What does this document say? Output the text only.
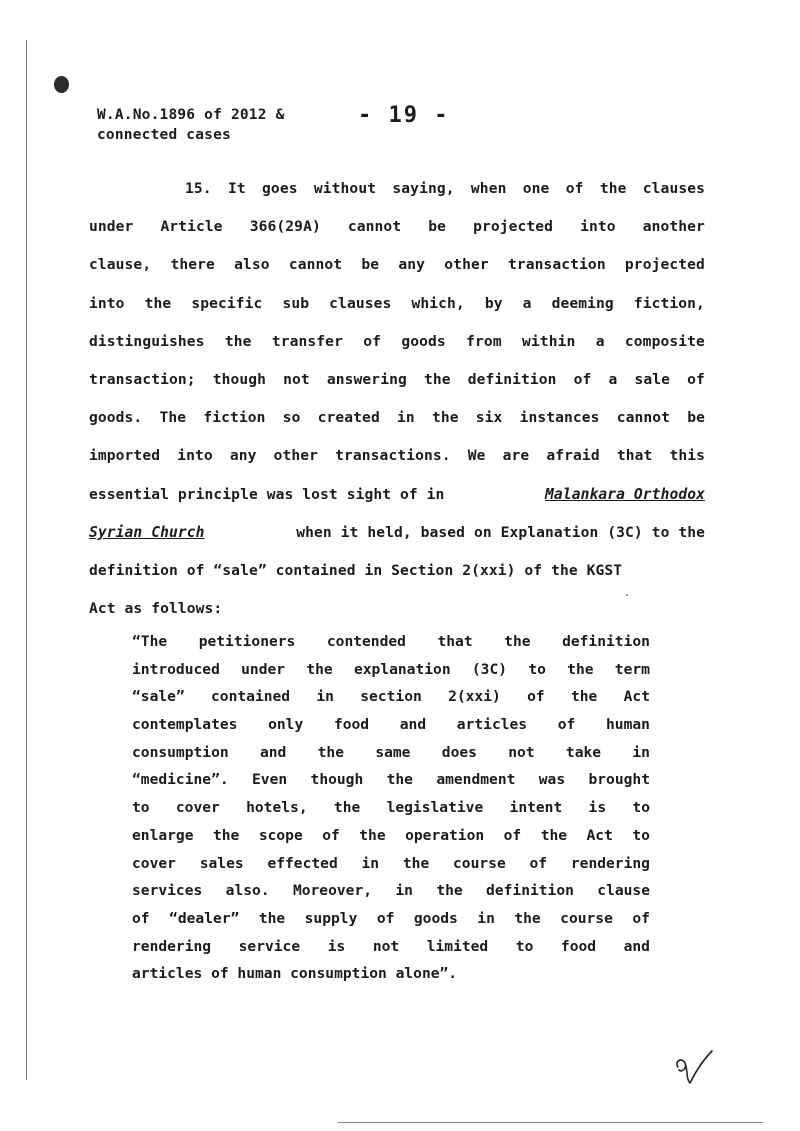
W.A.No.1896 of 2012 &
connected cases
- 19 -
15. It goes without saying, when one of the clauses
under Article 366(29A) cannot be projected into another
clause, there also cannot be any other transaction projected
into the specific sub clauses which, by a deeming fiction,
distinguishes the transfer of goods from within a composite
transaction; though not answering the definition of a sale of
goods. The fiction so created in the six instances cannot be
imported into any other transactions. We are afraid that this
essential principle was lost sight of in	Malankara Orthodox
Syrian Church	when it held, based on Explanation (3C) to the
definition of “sale” contained in Section 2(xxi) of the KGST
Act as follows:
“The petitioners contended that the definition
introduced under the explanation (3C) to the term
“sale” contained in section 2(xxi) of the Act
contemplates only food and articles of human
consumption and the same does not take in
“medicine”. Even though the amendment was brought
to cover hotels, the legislative intent is to
enlarge the scope of the operation of the Act to
cover sales effected in the course of rendering
services also. Moreover, in the definition clause
of “dealer” the supply of goods in the course of
rendering service is not limited to food and
articles of human consumption alone”.
